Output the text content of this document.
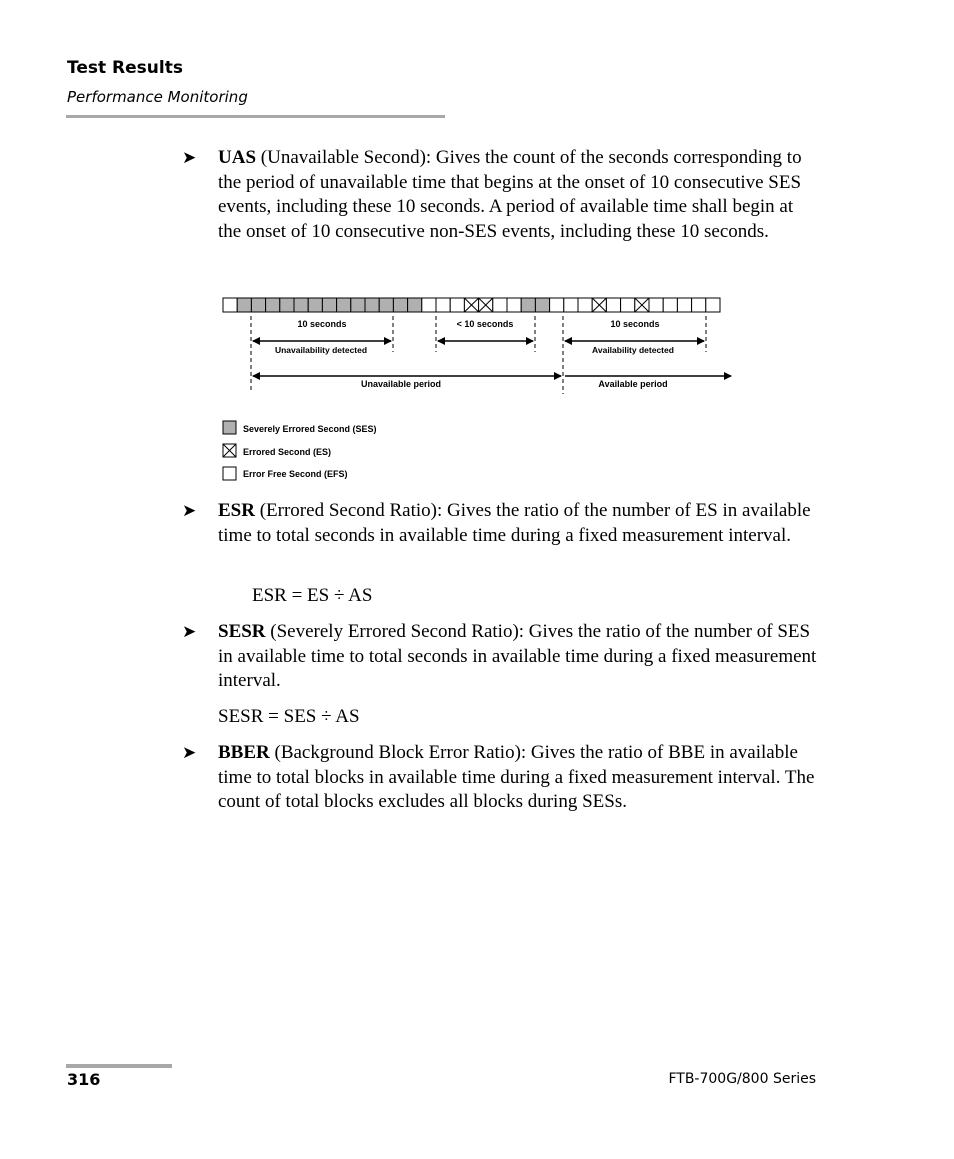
Test Results
Performance Monitoring
➤ UAS (Unavailable Second): Gives the count of the seconds corresponding to the period of unavailable time that begins at the onset of 10 consecutive SES events, including these 10 seconds. A period of available time shall begin at the onset of 10 consecutive non-SES events, including these 10 seconds.
10 seconds	< 10 seconds	10 seconds
Unavailability detected	Availability detected
Unavailable period	Available period
Severely Errored Second (SES)
Errored Second (ES)
Error Free Second (EFS)
➤ ESR (Errored Second Ratio): Gives the ratio of the number of ES in available time to total seconds in available time during a fixed measurement interval.
ESR = ES ÷ AS
➤ SESR (Severely Errored Second Ratio): Gives the ratio of the number of SES in available time to total seconds in available time during a fixed measurement interval.
SESR = SES ÷ AS
➤ BBER (Background Block Error Ratio): Gives the ratio of BBE in available time to total blocks in available time during a fixed measurement interval. The count of total blocks excludes all blocks during SESs.
316	FTB-700G/800 Series
